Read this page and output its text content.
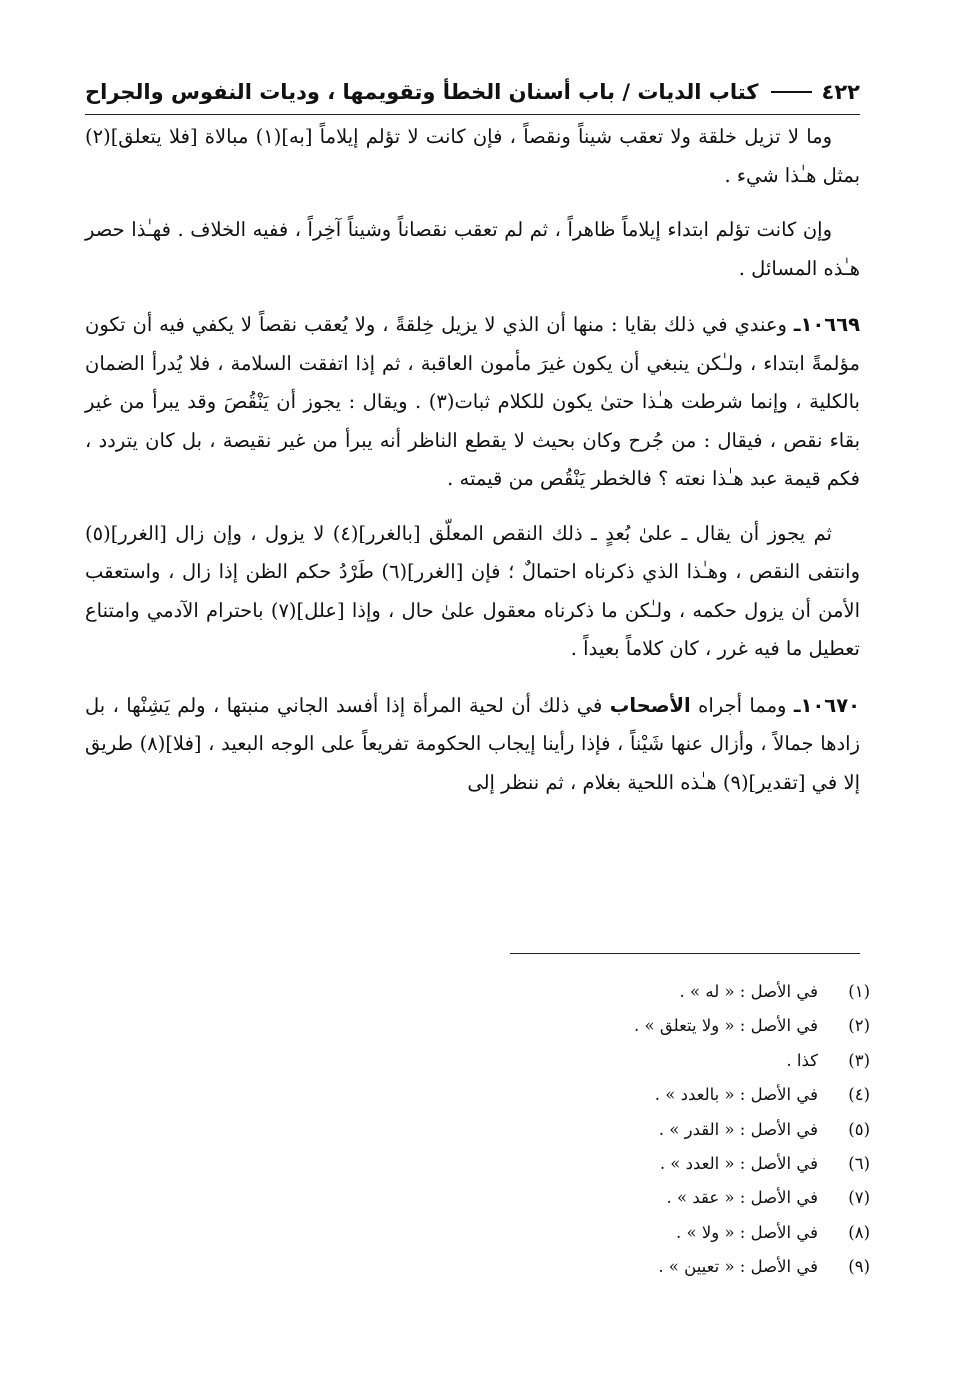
٤٢٢
كتاب الديات / باب أسنان الخطأ وتقويمها ، وديات النفوس والجراح

وما لا تزيل خلقة ولا تعقب شيناً ونقصاً ، فإن كانت لا تؤلم إيلاماً [به](١) مبالاة [فلا يتعلق](٢) بمثل هـٰذا شيء .

وإن كانت تؤلم ابتداء إيلاماً ظاهراً ، ثم لم تعقب نقصاناً وشيناً آخِراً ، ففيه الخلاف . فهـٰذا حصر هـٰذه المسائل .

١٠٦٦٩ـ وعندي في ذلك بقايا : منها أن الذي لا يزيل خِلقةً ، ولا يُعقب نقصاً لا يكفي فيه أن تكون مؤلمةً ابتداء ، ولـٰكن ينبغي أن يكون غيرَ مأمون العاقبة ، ثم إذا اتفقت السلامة ، فلا يُدرأ الضمان بالكلية ، وإنما شرطت هـٰذا حتىٰ يكون للكلام ثبات(٣) . ويقال : يجوز أن يَنْقُصَ وقد يبرأ من غير بقاء نقص ، فيقال : من جُرح وكان بحيث لا يقطع الناظر أنه يبرأ من غير نقيصة ، بل كان يتردد ، فكم قيمة عبد هـٰذا نعته ؟ فالخطر يَنْقُص من قيمته .

ثم يجوز أن يقال ـ علىٰ بُعدٍ ـ ذلك النقص المعلّق [بالغرر](٤) لا يزول ، وإن زال [الغرر](٥) وانتفى النقص ، وهـٰذا الذي ذكرناه احتمالٌ ؛ فإن [الغرر](٦) طَرْدُ حكم الظن إذا زال ، واستعقب الأمن أن يزول حكمه ، ولـٰكن ما ذكرناه معقول علىٰ حال ، وإذا [علل](٧) باحترام الآدمي وامتناع تعطيل ما فيه غرر ، كان كلاماً بعيداً .

١٠٦٧٠ـ ومما أجراه الأصحاب في ذلك أن لحية المرأة إذا أفسد الجاني منبتها ، ولم يَشِنْها ، بل زادها جمالاً ، وأزال عنها شَيْناً ، فإذا رأينا إيجاب الحكومة تفريعاً على الوجه البعيد ، [فلا](٨) طريق إلا في [تقدير](٩) هـٰذه اللحية بغلام ، ثم ننظر إلى

(١)
في الأصل : « له » .
(٢)
في الأصل : « ولا يتعلق » .
(٣)
كذا .
(٤)
في الأصل : « بالعدد » .
(٥)
في الأصل : « القدر » .
(٦)
في الأصل : « العدد » .
(٧)
في الأصل : « عقد » .
(٨)
في الأصل : « ولا » .
(٩)
في الأصل : « تعيين » .
